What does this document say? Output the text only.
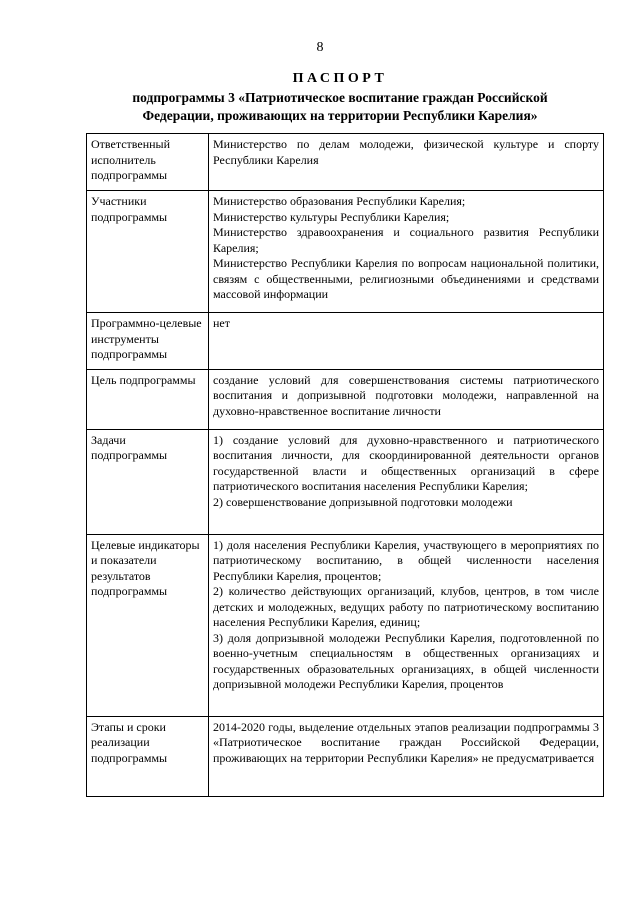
8
ПАСПОРТ
подпрограммы 3 «Патриотическое воспитание граждан Российской Федерации, проживающих на территории Республики Карелия»
Ответственный исполнитель подпрограммы	Министерство по делам молодежи, физической культуре и спорту Республики Карелия

Участники подпрограммы	Министерство образования Республики Карелия;
Министерство культуры Республики Карелия;
Министерство здравоохранения и социального развития Республики Карелия;
Министерство Республики Карелия по вопросам национальной политики, связям с общественными, религиозными объединениями и средствами массовой информации

Программно-целевые инструменты подпрограммы	нет

Цель подпрограммы	создание условий для совершенствования системы патриотического воспитания и допризывной подготовки молодежи, направленной на духовно-нравственное воспитание личности

Задачи подпрограммы	1) создание условий для духовно-нравственного и патриотического воспитания личности, для скоординированной деятельности органов государственной власти и общественных организаций в сфере патриотического воспитания населения Республики Карелия;
2) совершенствование допризывной подготовки молодежи

Целевые индикаторы и показатели результатов подпрограммы	1) доля населения Республики Карелия, участвующего в мероприятиях по патриотическому воспитанию, в общей численности населения Республики Карелия, процентов;
2) количество действующих организаций, клубов, центров, в том числе детских и молодежных, ведущих работу по патриотическому воспитанию населения Республики Карелия, единиц;
3) доля допризывной молодежи Республики Карелия, подготовленной по военно-учетным специальностям в общественных организациях и государственных образовательных организациях, в общей численности допризывной молодежи Республики Карелия, процентов

Этапы и сроки реализации подпрограммы	2014-2020 годы, выделение отдельных этапов реализации подпрограммы 3 «Патриотическое воспитание граждан Российской Федерации, проживающих на территории Республики Карелия» не предусматривается
